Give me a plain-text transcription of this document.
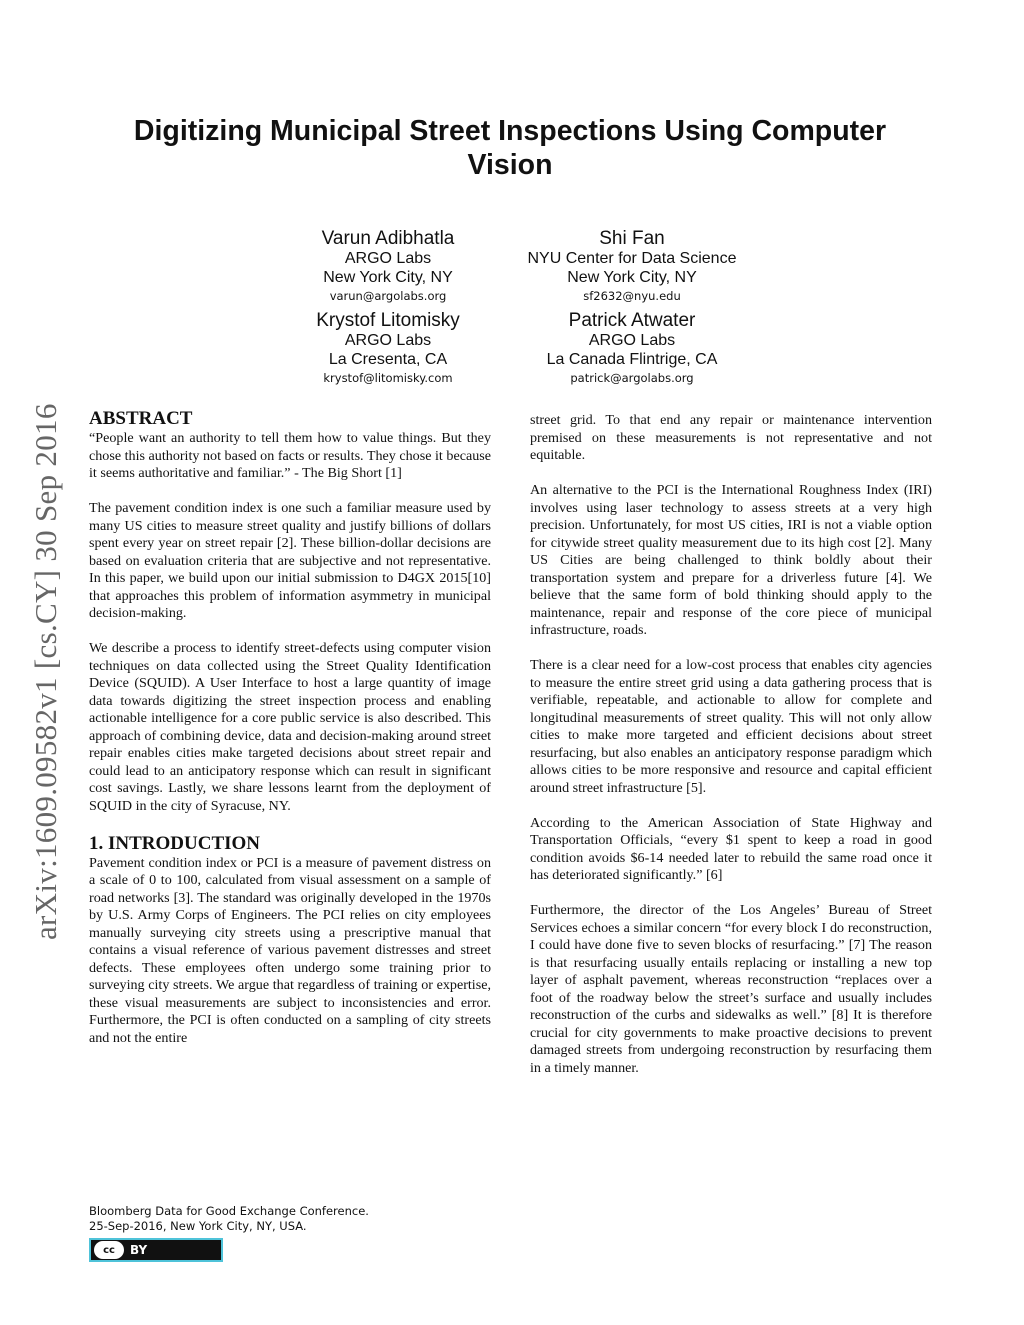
arXiv:1609.09582v1 [cs.CY] 30 Sep 2016
Digitizing Municipal Street Inspections Using Computer Vision
Varun Adibhatla
ARGO Labs
New York City, NY
varun@argolabs.org
Shi Fan
NYU Center for Data Science
New York City, NY
sf2632@nyu.edu
Krystof Litomisky
ARGO Labs
La Cresenta, CA
krystof@litomisky.com
Patrick Atwater
ARGO Labs
La Canada Flintrige, CA
patrick@argolabs.org
ABSTRACT

“People want an authority to tell them how to value things. But they chose this authority not based on facts or results. They chose it because it seems authoritative and familiar.” - The Big Short [1]

The pavement condition index is one such a familiar measure used by many US cities to measure street quality and justify billions of dollars spent every year on street repair [2]. These billion-dollar decisions are based on evaluation criteria that are subjective and not representative. In this paper, we build upon our initial submission to D4GX 2015[10] that approaches this problem of information asymmetry in municipal decision-making.

We describe a process to identify street-defects using computer vision techniques on data collected using the Street Quality Identification Device (SQUID). A User Interface to host a large quantity of image data towards digitizing the street inspection process and enabling actionable intelligence for a core public service is also described. This approach of combining device, data and decision-making around street repair enables cities make targeted decisions about street repair and could lead to an anticipatory response which can result in significant cost savings. Lastly, we share lessons learnt from the deployment of SQUID in the city of Syracuse, NY.

1. INTRODUCTION

Pavement condition index or PCI is a measure of pavement distress on a scale of 0 to 100, calculated from visual assessment on a sample of road networks [3]. The standard was originally developed in the 1970s by U.S. Army Corps of Engineers. The PCI relies on city employees manually surveying city streets using a prescriptive manual that contains a visual reference of various pavement distresses and street defects. These employees often undergo some training prior to surveying city streets. We argue that regardless of training or expertise, these visual measurements are subject to inconsistencies and error. Furthermore, the PCI is often conducted on a sampling of city streets and not the entire

street grid. To that end any repair or maintenance intervention premised on these measurements is not representative and not equitable.

An alternative to the PCI is the International Roughness Index (IRI) involves using laser technology to assess streets at a very high precision. Unfortunately, for most US cities, IRI is not a viable option for citywide street quality measurement due to its high cost [2]. Many US Cities are being challenged to think boldly about their transportation system and prepare for a driverless future [4]. We believe that the same form of bold thinking should apply to the maintenance, repair and response of the core piece of municipal infrastructure, roads.

There is a clear need for a low-cost process that enables city agencies to measure the entire street grid using a data gathering process that is verifiable, repeatable, and actionable to allow for complete and longitudinal measurements of street quality. This will not only allow cities to make more targeted and efficient decisions about street resurfacing, but also enables an anticipatory response paradigm which allows cities to be more responsive and resource and capital efficient around street infrastructure [5].

According to the American Association of State Highway and Transportation Officials, “every $1 spent to keep a road in good condition avoids $6-14 needed later to rebuild the same road once it has deteriorated significantly.” [6]

Furthermore, the director of the Los Angeles’ Bureau of Street Services echoes a similar concern “for every block I do reconstruction, I could have done five to seven blocks of resurfacing.” [7] The reason is that resurfacing usually entails replacing or installing a new top layer of asphalt pavement, whereas reconstruction “replaces over a foot of the roadway below the street’s surface and usually includes reconstruction of the curbs and sidewalks as well.” [8] It is therefore crucial for city governments to make proactive decisions to prevent damaged streets from undergoing reconstruction by resurfacing them in a timely manner.

Bloomberg Data for Good Exchange Conference.
25-Sep-2016, New York City, NY, USA.
cc	BY
